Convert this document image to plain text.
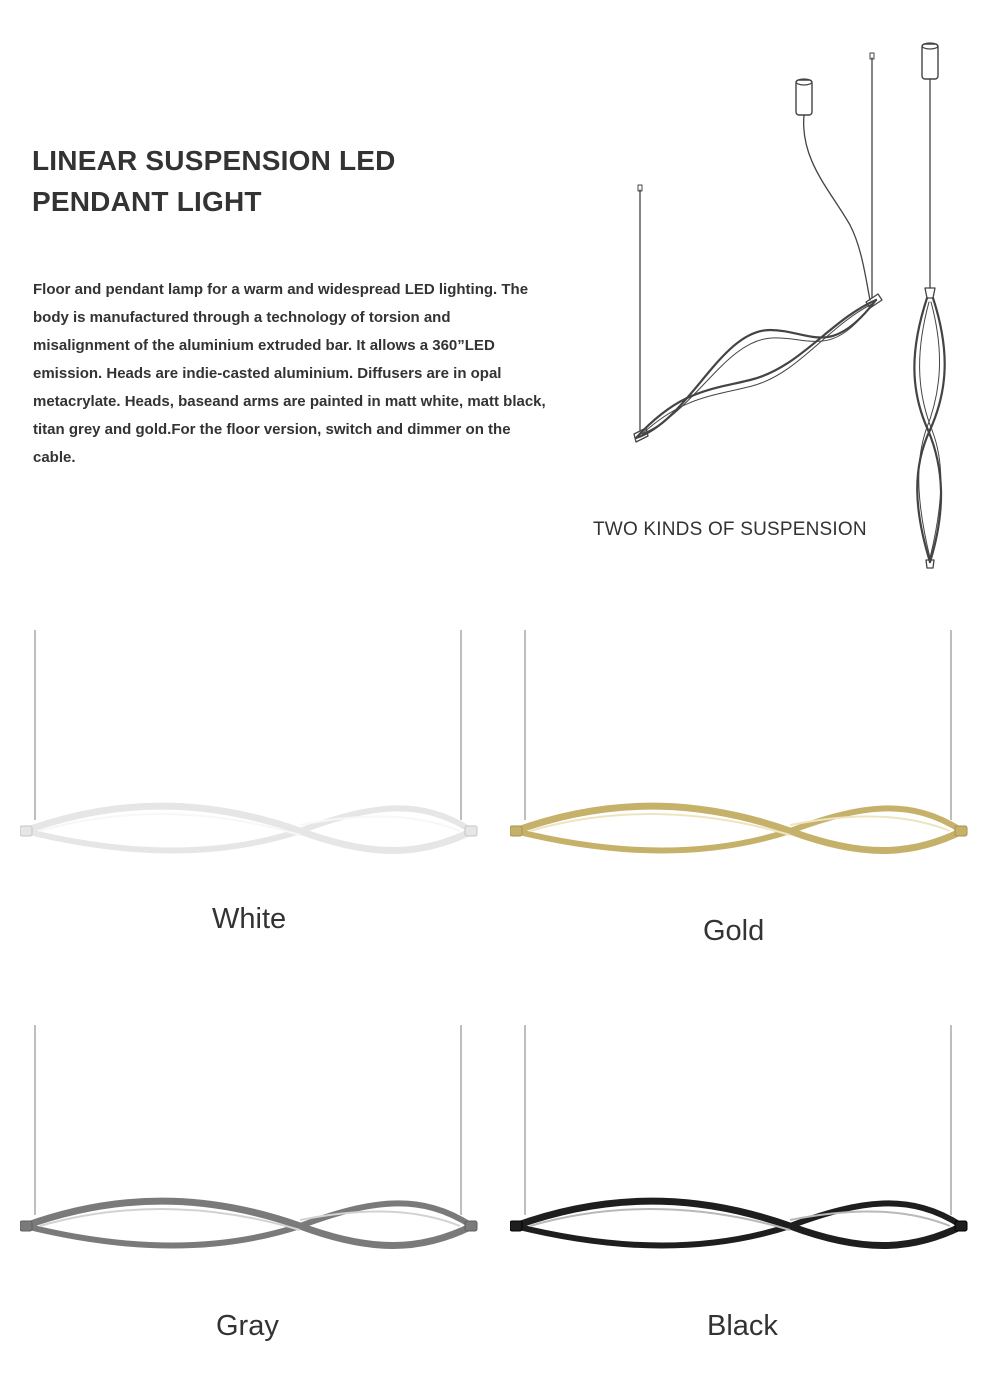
LINEAR SUSPENSION LED
PENDANT LIGHT

Floor and pendant lamp for a warm and widespread LED lighting. The body is manufactured through a technology of torsion and misalignment of the aluminium extruded bar. It allows a 360”LED emission. Heads are indie-casted aluminium. Diffusers are in opal metacrylate. Heads, baseand arms are painted in matt white, matt black, titan grey and gold.For the floor version, switch and dimmer on the cable.

TWO KINDS OF SUSPENSION
White	Gold
Gray	Black
